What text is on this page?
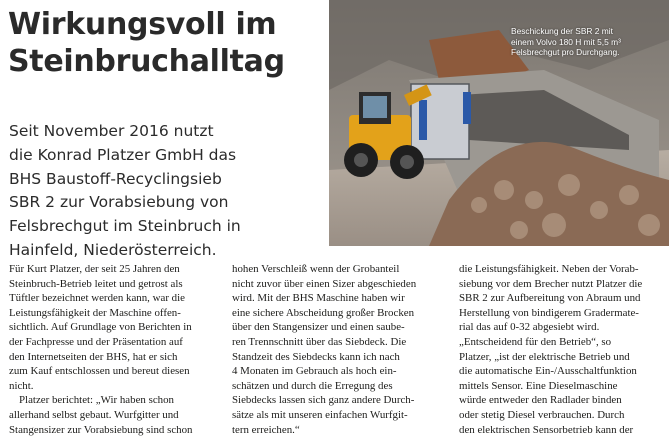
Wirkungsvoll im
Steinbruchalltag
Seit November 2016 nutzt
die Konrad Platzer GmbH das
BHS Baustoff-Recyclingsieb
SBR 2 zur Vorabsiebung von
Felsbrechgut im Steinbruch in
Hainfeld, Niederösterreich.
Beschickung der SBR 2 mit
einem Volvo 180 H mit 5,5 m³
Felsbrechgut pro Durchgang.
Für Kurt Platzer, der seit 25 Jahren den
Steinbruch-Betrieb leitet und getrost als
Tüftler bezeichnet werden kann, war die
Leistungsfähigkeit der Maschine offen-
sichtlich. Auf Grundlage von Berichten in
der Fachpresse und der Präsentation auf
den Internetseiten der BHS, hat er sich
zum Kauf entschlossen und bereut diesen
nicht.
Platzer berichtet: „Wir haben schon
allerhand selbst gebaut. Wurfgitter und
Stangensizer zur Vorabsiebung sind schon
hohen Verschleiß wenn der Grobanteil
nicht zuvor über einen Sizer abgeschieden
wird. Mit der BHS Maschine haben wir
eine sichere Abscheidung großer Brocken
über den Stangensizer und einen saube-
ren Trennschnitt über das Siebdeck. Die
Standzeit des Siebdecks kann ich nach
4 Monaten im Gebrauch als hoch ein-
schätzen und durch die Erregung des
Siebdecks lassen sich ganz andere Durch-
sätze als mit unseren einfachen Wurfgit-
tern erreichen.“
die Leistungsfähigkeit. Neben der Vorab-
siebung vor dem Brecher nutzt Platzer die
SBR 2 zur Aufbereitung von Abraum und
Herstellung von bindigerem Gradermate-
rial das auf 0-32 abgesiebt wird.
„Entscheidend für den Betrieb“, so
Platzer, „ist der elektrische Betrieb und
die automatische Ein-/Ausschaltfunktion
mittels Sensor. Eine Dieselmaschine
würde entweder den Radlader binden
oder stetig Diesel verbrauchen. Durch
den elektrischen Sensorbetrieb kann der
